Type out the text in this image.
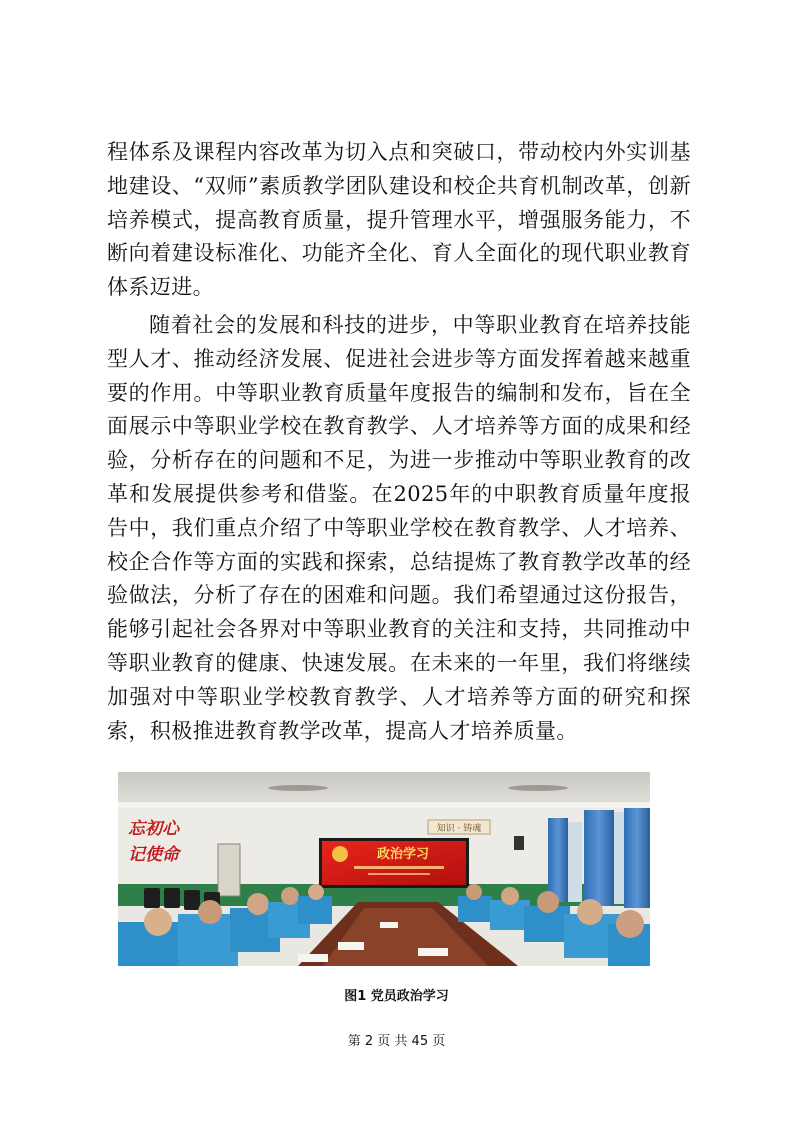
程体系及课程内容改革为切入点和突破口，带动校内外实训基地建设、“双师”素质教学团队建设和校企共育机制改革，创新培养模式，提高教育质量，提升管理水平，增强服务能力，不断向着建设标准化、功能齐全化、育人全面化的现代职业教育体系迈进。

随着社会的发展和科技的进步，中等职业教育在培养技能型人才、推动经济发展、促进社会进步等方面发挥着越来越重要的作用。中等职业教育质量年度报告的编制和发布，旨在全面展示中等职业学校在教育教学、人才培养等方面的成果和经验，分析存在的问题和不足，为进一步推动中等职业教育的改革和发展提供参考和借鉴。在2025年的中职教育质量年度报告中，我们重点介绍了中等职业学校在教育教学、人才培养、校企合作等方面的实践和探索，总结提炼了教育教学改革的经验做法，分析了存在的困难和问题。我们希望通过这份报告，能够引起社会各界对中等职业教育的关注和支持，共同推动中等职业教育的健康、快速发展。在未来的一年里，我们将继续加强对中等职业学校教育教学、人才培养等方面的研究和探索，积极推进教育教学改革，提高人才培养质量。

忘初心
记使命
知识 · 铸魂
政治学习
图1 党员政治学习
第 2 页 共 45 页
